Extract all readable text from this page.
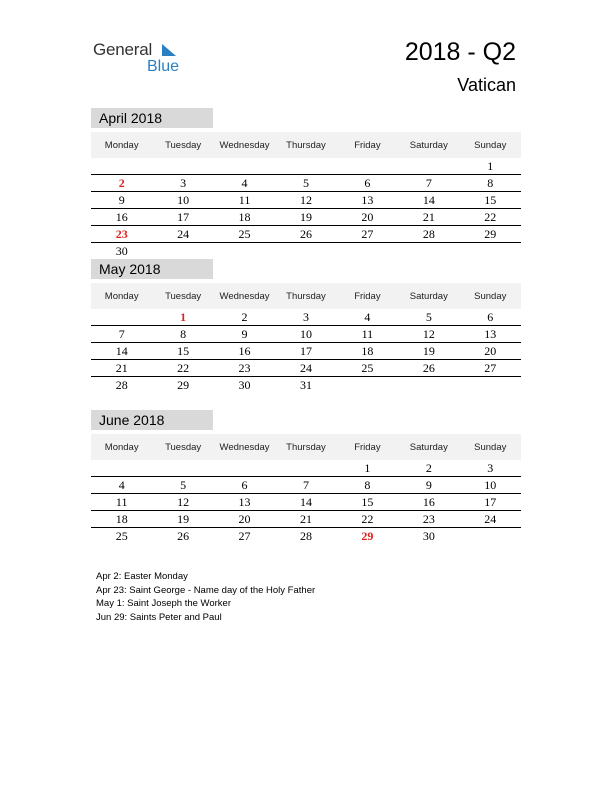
General
Blue
2018 - Q2
Vatican
April 2018
Monday	Tuesday	Wednesday	Thursday	Friday	Saturday	Sunday
						1
2	3	4	5	6	7	8
9	10	11	12	13	14	15
16	17	18	19	20	21	22
23	24	25	26	27	28	29
30						
May 2018
Monday	Tuesday	Wednesday	Thursday	Friday	Saturday	Sunday
	1	2	3	4	5	6
7	8	9	10	11	12	13
14	15	16	17	18	19	20
21	22	23	24	25	26	27
28	29	30	31			
June 2018
Monday	Tuesday	Wednesday	Thursday	Friday	Saturday	Sunday
				1	2	3
4	5	6	7	8	9	10
11	12	13	14	15	16	17
18	19	20	21	22	23	24
25	26	27	28	29	30	
Apr 2: Easter Monday
Apr 23: Saint George - Name day of the Holy Father
May 1: Saint Joseph the Worker
Jun 29: Saints Peter and Paul
